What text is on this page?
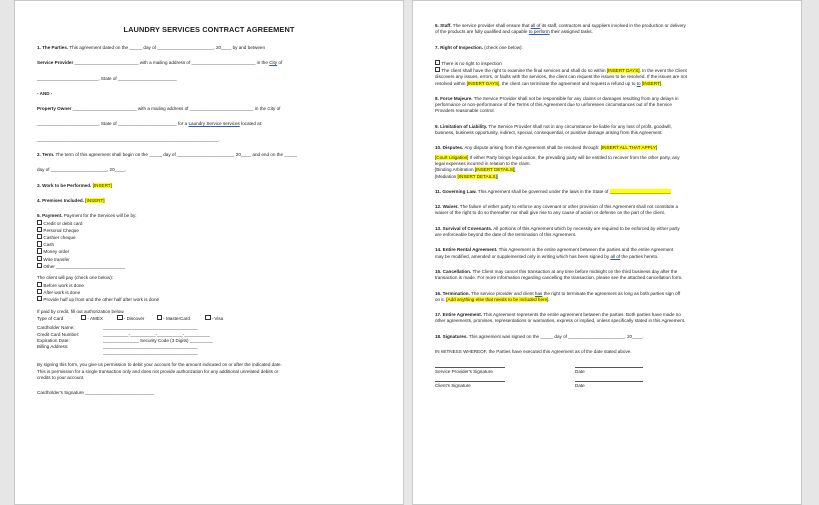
LAUNDRY SERVICES CONTRACT AGREEMENT
1. The Parties. This agreement dated on the _____ day of ______________________, 20____ by and between
Service Provider _________________________ with a mailing address of _________________________ in the City of
________________________, State of _______________________
- AND -
Property Owner _________________________ with a mailing address of _________________________ in the City of
________________________, State of _______________________ for a Laundry Service services located at:
_______________________________________________________________________.
2. Term. The term of this agreement shall begin on the _____ day of ______________________, 20____ and end on the _____
day of ______________________, 20____.
3. Work to be Performed. [INSERT]
4. Premises Included. [INSERT]
5. Payment. Payment for the Services will be by:
Credit or debit card
Personal Cheque
Cashier cheque
Cash
Money order
Wire transfer
Other ___________________________
The client will pay (check one below):
Before work is done
After work is done
Provide half up front and the other half after work is done
If paid by credit, fill out authorization below.
Type of Card	- AMEX	- Discover	- MasterCard	- Visa
Cardholder Name:	_____________________________________
Credit Card Number:	__________-__________-__________-__________
Expiration Date:	______________ Security Code (3 Digits) _________
Billing Address:	_____________________________________
_____________________________________
By signing this form, you give us permission to debit your account for the amount indicated on or after the indicated date.
This is permission for a single transaction only and does not provide authorization for any additional unrelated debits or
credits to your account.
Cardholder's Signature ___________________________
6. Staff. The service provider shall ensure that all of its staff, contractors and suppliers involved in the production or delivery
of the products are fully qualified and capable to perform their assigned tasks.
7. Right of Inspection. (check one below):
There is no right to inspection
The client shall have the right to examine the final services and shall do so within [INSERT DAYS]. In the event the Client
discovers any issues, errors, or faults with the services, the client can request the issues to be resolved. If the issues are not
resolved within [INSERT DAYS], the client can terminate the agreement and request a refund up to to [INSERT].
8. Force Majeure. The Service Provider shall not be responsible for any claims or damages resulting from any delays in
performance or non-performance of the Terms of this Agreement due to unforeseen circumstances out of the Service
Providers reasonable control.
9. Limitation of Liability. The Service Provider shall not in any circumstance be liable for any loss of profit, goodwill,
business, business opportunity, indirect, special, consequential, or punitive damage arising from this Agreement.
10. Disputes. Any dispute arising from this Agreement shall be resolved through: [INSERT ALL THAT APPLY]
[Court Litigation] If either Party brings legal action, the prevailing party will be entitled to recover from the other party, any
legal expenses incurred in relation to the claim.
[Binding Arbitration [INSERT DETAILS]]
[Mediation [INSERT DETAILS]]
11. Governing Law. This Agreement shall be governed under the laws in the State of ________________________
12. Waiver. The failure of either party to enforce any covenant or other provision of this Agreement shall not constitute a
waiver of the right to do so thereafter nor shall give rise to any cause of action or defense on the part of the client.
13. Survival of Covenants. All portions of this Agreement which by necessity are required to be enforced by either party
are enforceable beyond the date of the termination of this Agreement.
14. Entire Rental Agreement. This Agreement is the entire agreement between the parties and the entire Agreement
may be modified, amended or supplemented only in writing which has been signed by all of the parties hereto.
15. Cancellation. The Client may cancel this transaction at any time before midnight on the third business day after the
transaction is made. For more information regarding cancelling the transaction, please see the attached cancellation form.
16. Termination. The service provider and client has the right to terminate the agreement as long as both parties sign off
on it. [Add anything else that needs to be included here].
17. Entire Agreement. This Agreement represents the entire agreement between the parties. Both parties have made no
other agreements, promises, representations or warranties, express or implied, unless specifically stated in this Agreement.
18. Signatures. This agreement was signed on the _____ day of ______________________, 20____.
IN WITNESS WHEREOF, the Parties have executed this Agreement as of the date stated above.
Service Provider's Signature	Date
Client's Signature	Date
